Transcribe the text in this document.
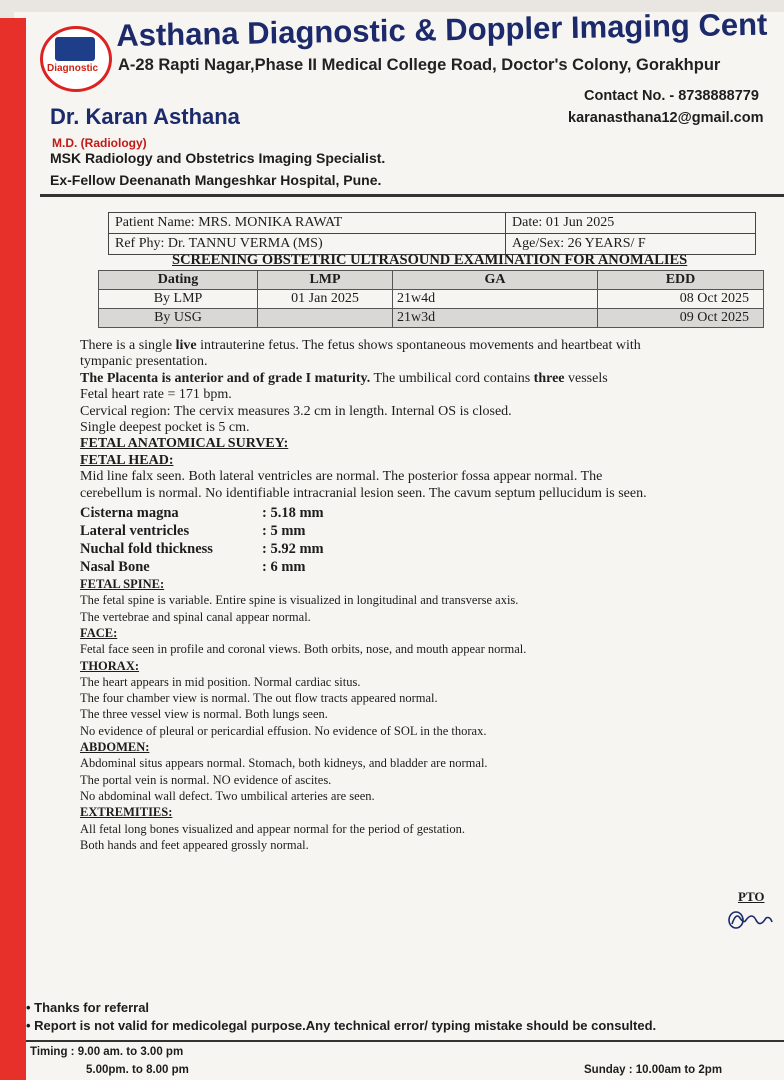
Diagnostic
Asthana Diagnostic & Doppler Imaging Cent
A-28 Rapti Nagar,Phase II Medical College Road, Doctor's Colony, Gorakhpur
Contact No. - 8738888779
karanasthana12@gmail.com
Dr. Karan Asthana
M.D. (Radiology)
MSK Radiology and Obstetrics Imaging Specialist.
Ex-Fellow Deenanath Mangeshkar Hospital, Pune.
Patient Name: MRS. MONIKA RAWAT	Date: 01 Jun 2025
Ref Phy: Dr. TANNU VERMA (MS)	Age/Sex: 26 YEARS/ F
SCREENING OBSTETRIC ULTRASOUND EXAMINATION FOR ANOMALIES
Dating	LMP	GA	EDD
By LMP	01 Jan 2025	21w4d	08 Oct 2025
By USG		21w3d	09 Oct 2025
There is a single live intrauterine fetus. The fetus shows spontaneous movements and heartbeat with
tympanic presentation.
The Placenta is anterior and of grade I maturity. The umbilical cord contains three vessels
Fetal heart rate = 171 bpm.
Cervical region: The cervix measures 3.2 cm in length. Internal OS is closed.
Single deepest pocket is 5 cm.
FETAL ANATOMICAL SURVEY:
FETAL HEAD:
Mid line falx seen. Both lateral ventricles are normal. The posterior fossa appear normal. The
cerebellum is normal. No identifiable intracranial lesion seen. The cavum septum pellucidum is seen.
Cisterna magna	: 5.18 mm
Lateral ventricles	: 5 mm
Nuchal fold thickness	: 5.92 mm
Nasal Bone	: 6 mm
FETAL SPINE:
The fetal spine is variable. Entire spine is visualized in longitudinal and transverse axis.
The vertebrae and spinal canal appear normal.
FACE:
Fetal face seen in profile and coronal views. Both orbits, nose, and mouth appear normal.
THORAX:
The heart appears in mid position. Normal cardiac situs.
The four chamber view is normal. The out flow tracts appeared normal.
The three vessel view is normal. Both lungs seen.
No evidence of pleural or pericardial effusion. No evidence of SOL in the thorax.
ABDOMEN:
Abdominal situs appears normal. Stomach, both kidneys, and bladder are normal.
The portal vein is normal. NO evidence of ascites.
No abdominal wall defect. Two umbilical arteries are seen.
EXTREMITIES:
All fetal long bones visualized and appear normal for the period of gestation.
Both hands and feet appeared grossly normal.
PTO
• Thanks for referral
• Report is not valid for medicolegal purpose.Any technical error/ typing mistake should be consulted.
Timing : 9.00 am. to 3.00 pm
5.00pm. to 8.00 pm	Sunday : 10.00am to 2pm
